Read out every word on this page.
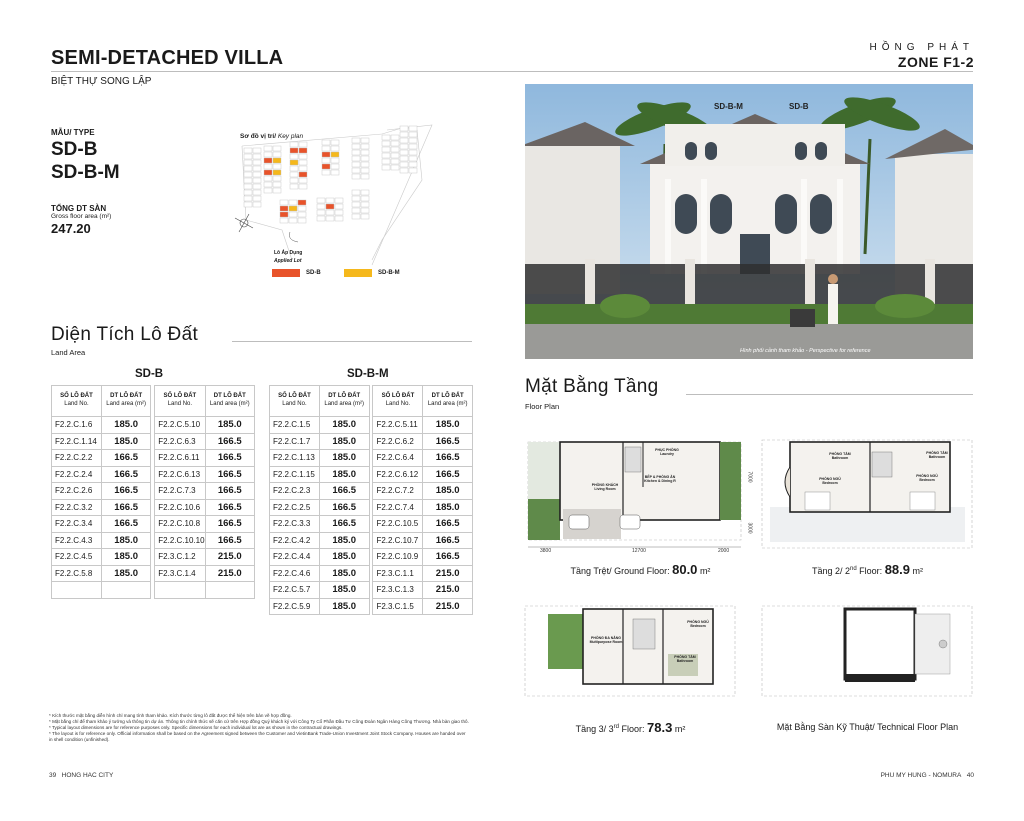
SEMI-DETACHED VILLA
BIỆT THỰ SONG LẬP
HỒNG PHÁT
ZONE F1-2
MẪU/ TYPE
SD-B
SD-B-M
TỔNG DT SÀN
Gross floor area (m²)
247.20
Sơ đồ vị trí/ Key plan
Lô Áp Dụng
Applied Lot
SD-B	SD-B-M
Diện Tích Lô Đất
Land Area
SD-B	SD-B-M
SỐ LÔ ĐẤT
Land No.	DT LÔ ĐẤT
Land area (m²)		SỐ LÔ ĐẤT
Land No.	DT LÔ ĐẤT
Land area (m²)
F2.2.C.1.6	185.0		F2.2.C.5.10	185.0
F2.2.C.1.14	185.0		F2.2.C.6.3	166.5
F2.2.C.2.2	166.5		F2.2.C.6.11	166.5
F2.2.C.2.4	166.5		F2.2.C.6.13	166.5
F2.2.C.2.6	166.5		F2.2.C.7.3	166.5
F2.2.C.3.2	166.5		F2.2.C.10.6	166.5
F2.2.C.3.4	166.5		F2.2.C.10.8	166.5
F2.2.C.4.3	185.0		F2.2.C.10.10	166.5
F2.2.C.4.5	185.0		F2.3.C.1.2	215.0
F2.2.C.5.8	185.0		F2.3.C.1.4	215.0

SỐ LÔ ĐẤT
Land No.	DT LÔ ĐẤT
Land area (m²)		SỐ LÔ ĐẤT
Land No.	DT LÔ ĐẤT
Land area (m²)
F2.2.C.1.5	185.0		F2.2.C.5.11	185.0
F2.2.C.1.7	185.0		F2.2.C.6.2	166.5
F2.2.C.1.13	185.0		F2.2.C.6.4	166.5
F2.2.C.1.15	185.0		F2.2.C.6.12	166.5
F2.2.C.2.3	166.5		F2.2.C.7.2	185.0
F2.2.C.2.5	166.5		F2.2.C.7.4	185.0
F2.2.C.3.3	166.5		F2.2.C.10.5	166.5
F2.2.C.4.2	185.0		F2.2.C.10.7	166.5
F2.2.C.4.4	185.0		F2.2.C.10.9	166.5
F2.2.C.4.6	185.0		F2.3.C.1.1	215.0
F2.2.C.5.7	185.0		F2.3.C.1.3	215.0
F2.2.C.5.9	185.0		F2.3.C.1.5	215.0
* Kích thước mặt bằng diễn hình chỉ mang tính tham khảo. Kích thước từng lô đất được thể hiện trên bản vẽ hợp đồng.
* Mặt bằng chỉ để tham khảo ý tưởng và thông tin dự án. Thông tin chính thức sẽ căn cứ trên Hợp đồng Quý khách ký với Công Ty Cổ Phần Đầu Tư Công Đoàn Ngân Hàng Công Thương. Nhà bàn giao thô.
* Typical layout dimensions are for reference purposes only. Specific dimensions for each individual lot are as shown in the contractual drawings.
* The layout is for reference only. Official information shall be based on the Agreement signed between the Customer and VietinBank Trade-Union Investment Joint Stock Company. Houses are handed over in shell condition (unfinished).
39 HONG HAC CITY	PHU MY HUNG - NOMURA 40
SD-B-M	SD-B
Hình phối cảnh tham khảo - Perspective for reference
Mặt Bằng Tầng
Floor Plan
PHÒNG KHÁCH
Living Room
BẾP & PHÒNG ĂN
Kitchen & Dining R
PHỤC PHÒNG
Laundry
3800	12700	2000
7000
3000
Tầng Trệt/ Ground Floor: 80.0 m²
PHÒNG NGỦ
Bedroom
PHÒNG NGỦ
Bedroom
PHÒNG TẮM
Bathroom
PHÒNG TẮM
Bathroom
Tầng 2/ 2nd Floor: 88.9 m²
PHÒNG ĐA NĂNG
Multipurpose Room
PHÒNG NGỦ
Bedroom
PHÒNG TẮM
Bathroom
Tầng 3/ 3rd Floor: 78.3 m²	Mặt Bằng Sàn Kỹ Thuật/ Technical Floor Plan
